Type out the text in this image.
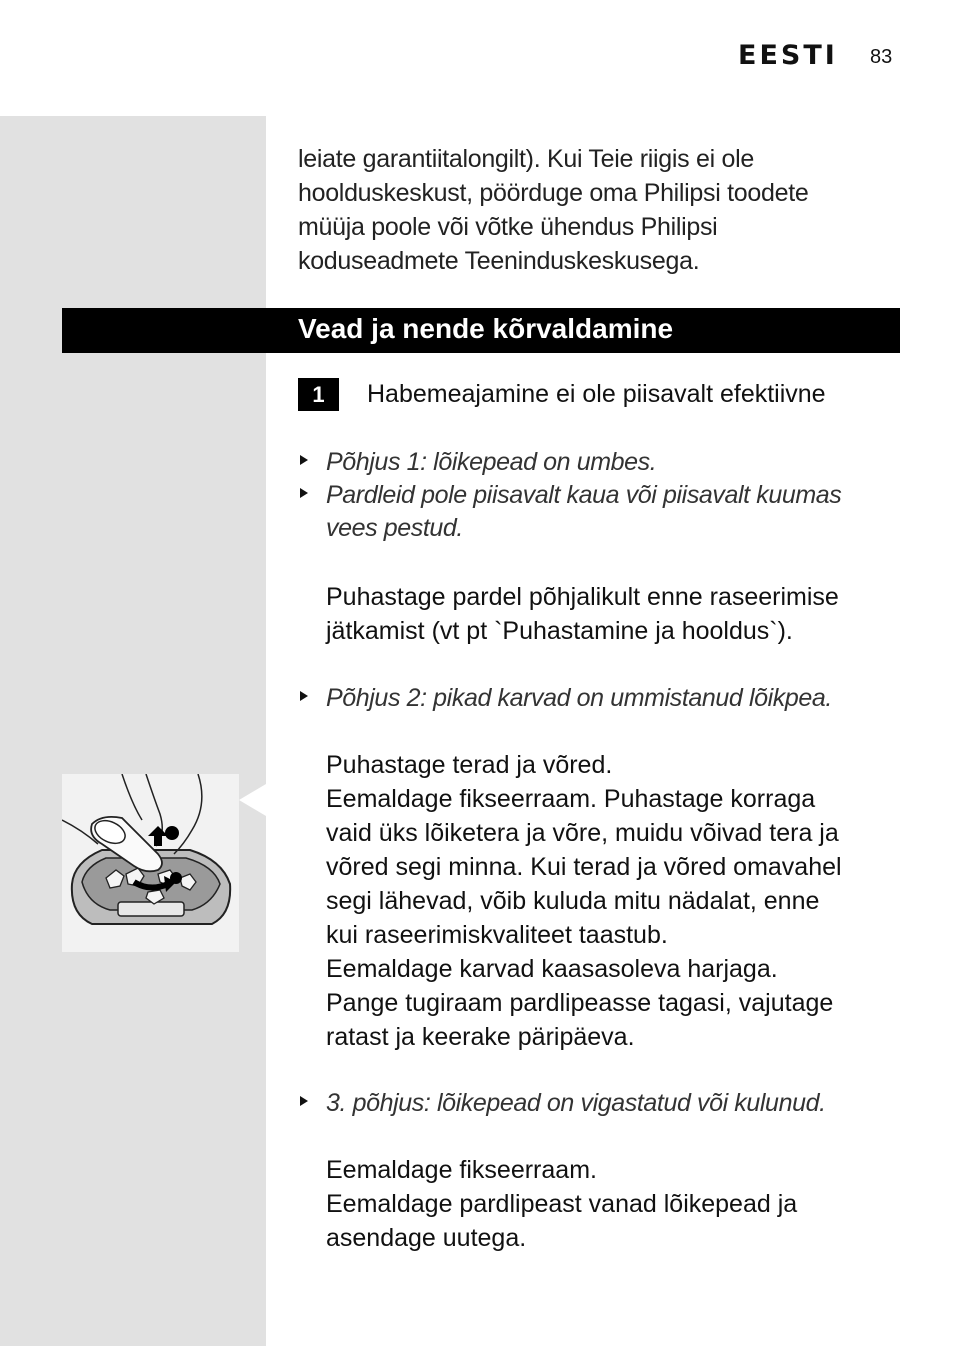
EESTI 83

leiate garantiitalongilt). Kui Teie riigis ei ole

hoolduskeskust, pöörduge oma Philipsi toodete

müüja poole või võtke ühendus Philipsi

koduseadmete Teeninduskeskusega.

Vead ja nende kõrvaldamine
1	Habemeajamine ei ole piisavalt efektiivne
Põhjus 1: lõikepead on umbes.
Pardleid pole piisavalt kaua või piisavalt kuumas
vees pestud.
Puhastage pardel põhjalikult enne raseerimise
jätkamist (vt pt `Puhastamine ja hooldus`).
Põhjus 2: pikad karvad on ummistanud lõikpea.
Puhastage terad ja võred.
Eemaldage fikseerraam. Puhastage korraga
vaid üks lõiketera ja võre, muidu võivad tera ja
võred segi minna. Kui terad ja võred omavahel
segi lähevad, võib kuluda mitu nädalat, enne
kui raseerimiskvaliteet taastub.
Eemaldage karvad kaasasoleva harjaga.
Pange tugiraam pardlipeasse tagasi, vajutage
ratast ja keerake päripäeva.
3. põhjus: lõikepead on vigastatud või kulunud.
Eemaldage fikseerraam.
Eemaldage pardlipeast vanad lõikepead ja
asendage uutega.
